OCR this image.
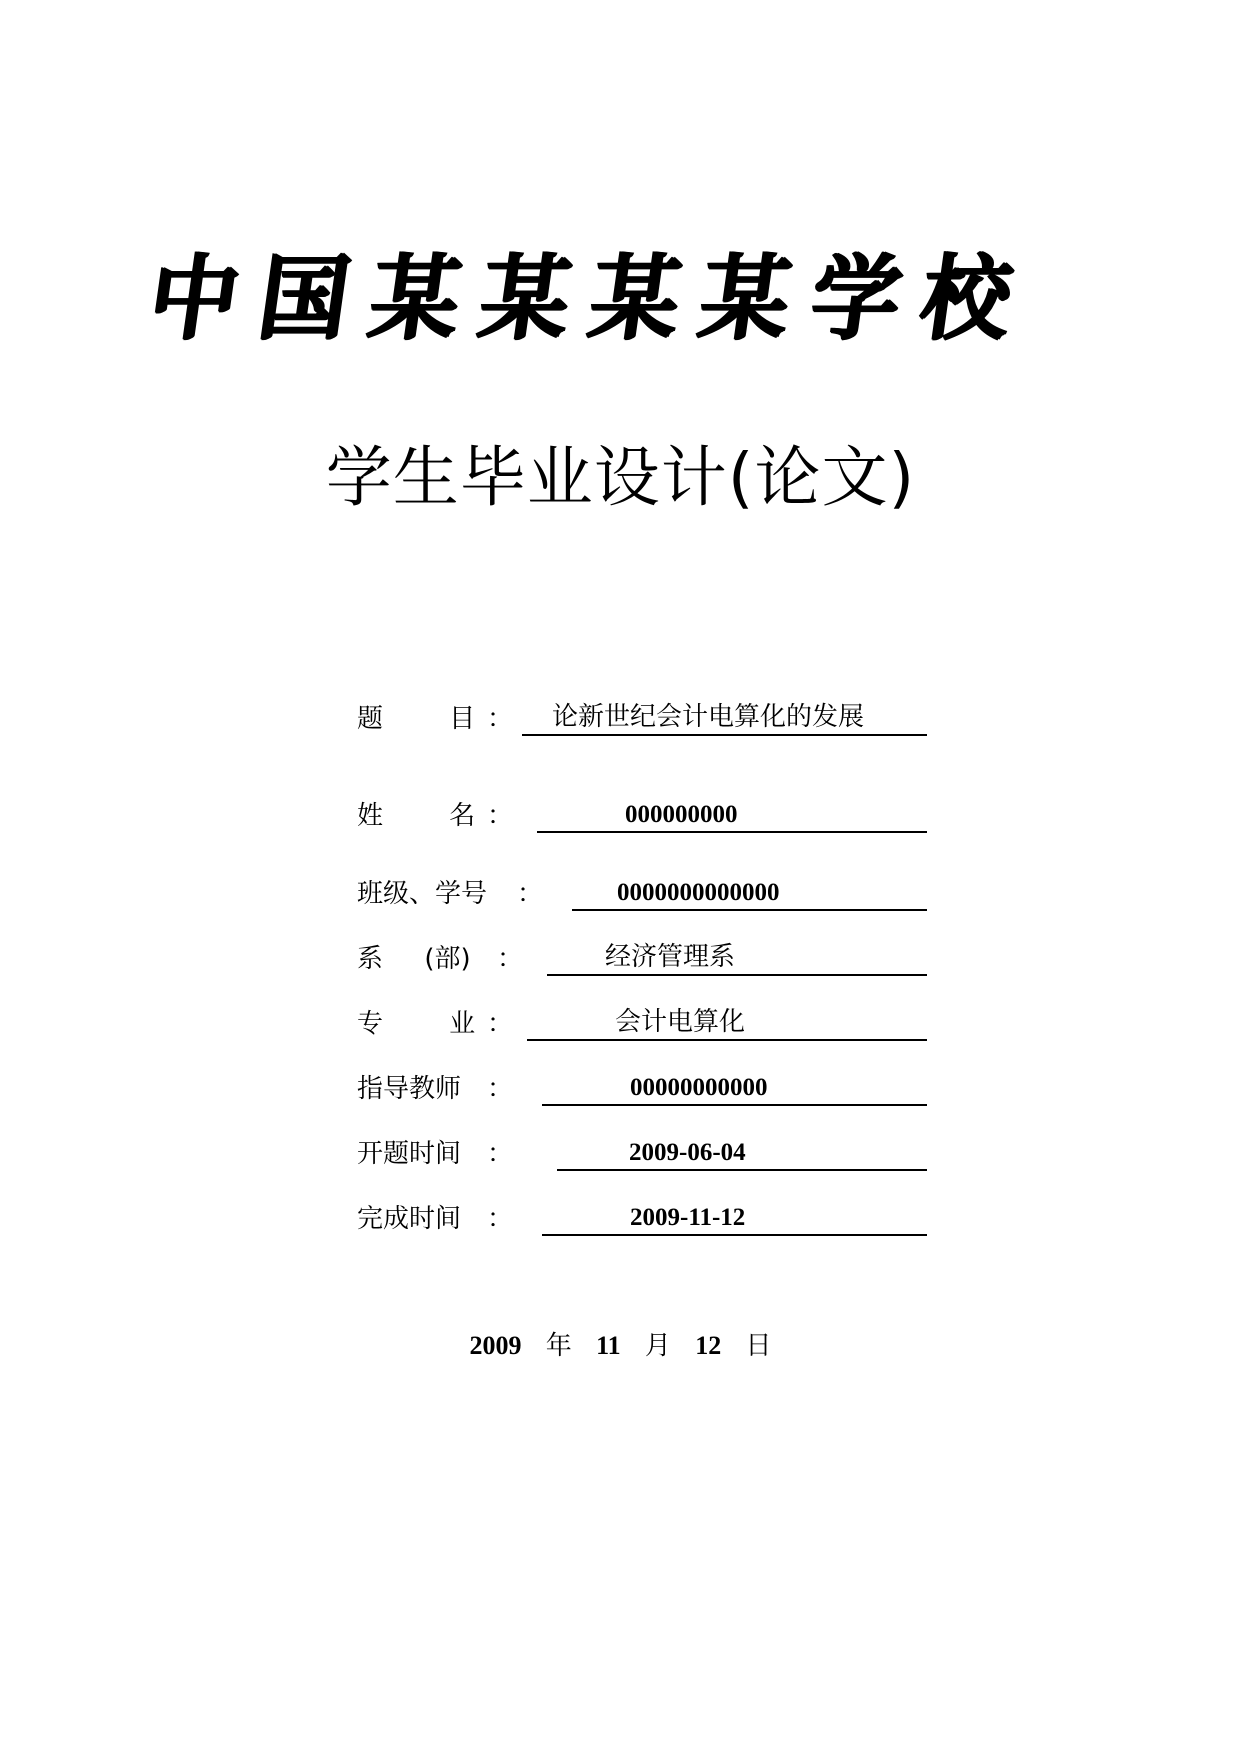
中 国 某 某 某 某 学 校
学生毕业设计(论文)
题        目 ： 论新世纪会计电算化的发展
姓        名 ：	000000000
班级、学号 ：	0000000000000
系     (部) ：	经济管理系
专        业 ：	会计电算化
指导教师 ：	00000000000
开题时间 ：	2009-06-04
完成时间 ：	2009-11-12
2009 年 11 月 12 日
